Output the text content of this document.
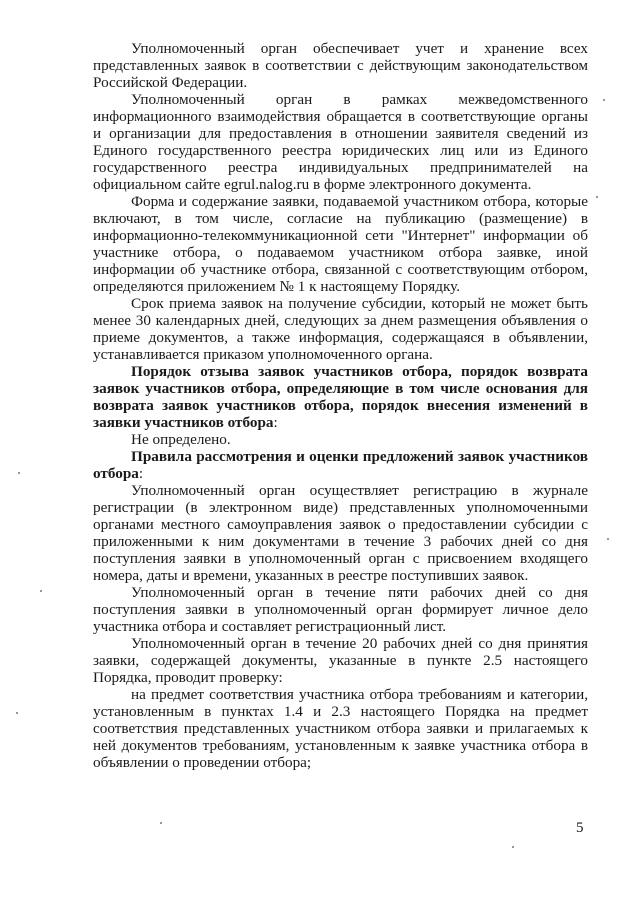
Уполномоченный орган обеспечивает учет и хранение всех представленных заявок в соответствии с действующим законодательством Российской Федерации.

Уполномоченный орган в рамках межведомственного информационного взаимодействия обращается в соответствующие органы и организации для предоставления в отношении заявителя сведений из Единого государственного реестра юридических лиц или из Единого государственного реестра индивидуальных предпринимателей на официальном сайте egrul.nalog.ru в форме электронного документа.

Форма и содержание заявки, подаваемой участником отбора, которые включают, в том числе, согласие на публикацию (размещение) в информационно-телекоммуникационной сети "Интернет" информации об участнике отбора, о подаваемом участником отбора заявке, иной информации об участнике отбора, связанной с соответствующим отбором, определяются приложением № 1 к настоящему Порядку.

Срок приема заявок на получение субсидии, который не может быть менее 30 календарных дней, следующих за днем размещения объявления о приеме документов, а также информация, содержащаяся в объявлении, устанавливается приказом уполномоченного органа.

Порядок отзыва заявок участников отбора, порядок возврата заявок участников отбора, определяющие в том числе основания для возврата заявок участников отбора, порядок внесения изменений в заявки участников отбора:

Не определено.

Правила рассмотрения и оценки предложений заявок участников отбора:

Уполномоченный орган осуществляет регистрацию в журнале регистрации (в электронном виде) представленных уполномоченными органами местного самоуправления заявок о предоставлении субсидии с приложенными к ним документами в течение 3 рабочих дней со дня поступления заявки в уполномоченный орган с присвоением входящего номера, даты и времени, указанных в реестре поступивших заявок.

Уполномоченный орган в течение пяти рабочих дней со дня поступления заявки в уполномоченный орган формирует личное дело участника отбора и составляет регистрационный лист.

Уполномоченный орган в течение 20 рабочих дней со дня принятия заявки, содержащей документы, указанные в пункте 2.5 настоящего Порядка, проводит проверку:

на предмет соответствия участника отбора требованиям и категории, установленным в пунктах 1.4 и 2.3 настоящего Порядка на предмет соответствия представленных участником отбора заявки и прилагаемых к ней документов требованиям, установленным к заявке участника отбора в объявлении о проведении отбора;

5
